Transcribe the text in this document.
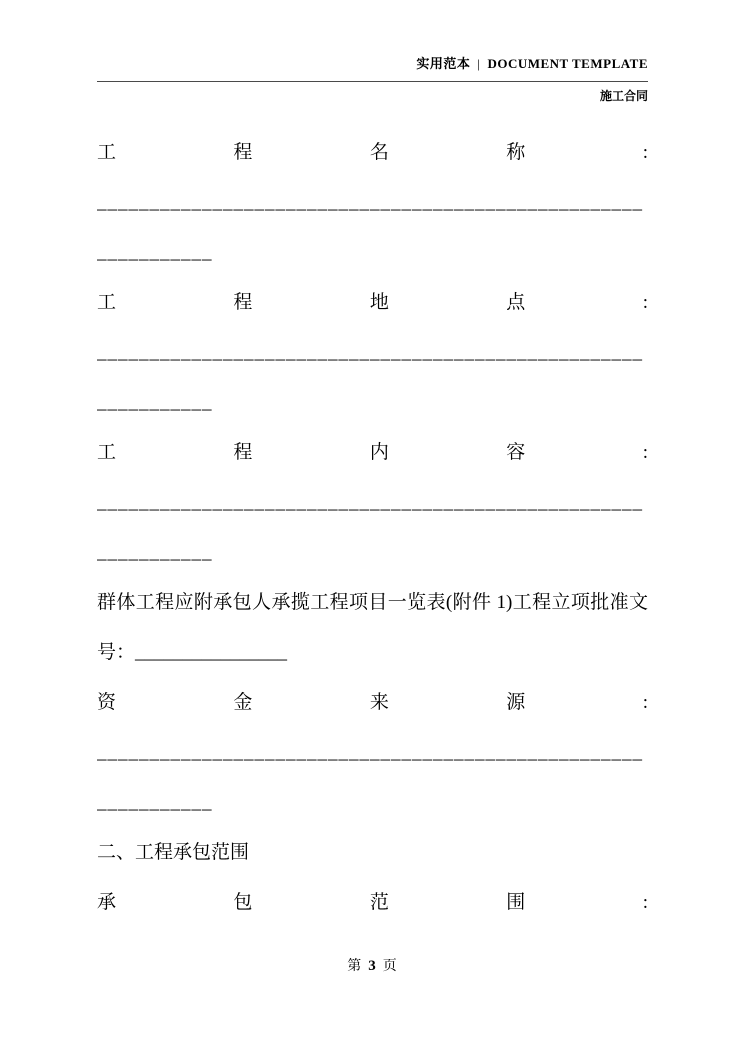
实用范本 | DOCUMENT TEMPLATE
施工合同
工 程 名 称 :
____________________________________________________
___________
工 程 地 点 :
____________________________________________________
___________
工 程 内 容 :
____________________________________________________
___________
群体工程应附承包人承揽工程项目一览表(附件 1)工程立项批准文号：________________
资 金 来 源 :
____________________________________________________
___________
二、工程承包范围
承 包 范 围 :
第 3 页
